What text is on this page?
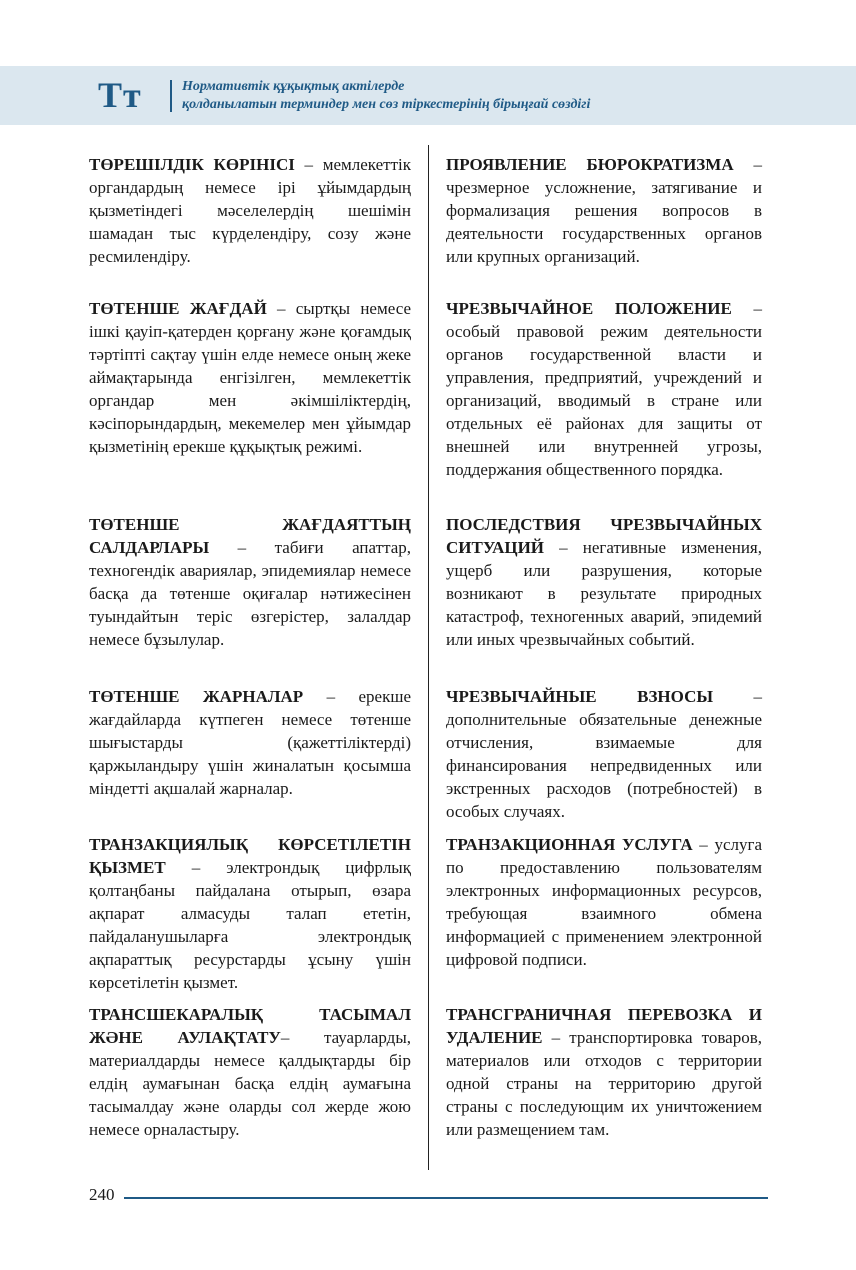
Тт	Нормативтік құқықтық актілерде
қолданылатын терминдер мен сөз тіркестерінің бірыңғай сөздігі

ТӨРЕШІЛДІК КӨРІНІСІ – мемлекеттік органдардың немесе ірі ұйымдардың қызметіндегі мәселелердің шешімін шамадан тыс күрделендіру, созу және ресмилендіру.

ПРОЯВЛЕНИЕ БЮРОКРАТИЗМА – чрезмерное усложнение, затягивание и формализация решения вопросов в деятельности государственных органов или крупных организаций.

ТӨТЕНШЕ ЖАҒДАЙ – сыртқы немесе ішкі қауіп-қатерден қорғану және қоғамдық тәртіпті сақтау үшін елде немесе оның жеке аймақтарында енгізілген, мемлекеттік органдар мен әкімшіліктердің, кәсіпорындардың, мекемелер мен ұйымдар қызметінің ерекше құқықтық режимі.

ЧРЕЗВЫЧАЙНОЕ ПОЛОЖЕНИЕ – особый правовой режим деятельности органов государственной власти и управления, предприятий, учреждений и организаций, вводимый в стране или отдельных её районах для защиты от внешней или внутренней угрозы, поддержания общественного порядка.

ТӨТЕНШЕ ЖАҒДАЯТТЫҢ САЛДАРЛАРЫ – табиғи апаттар, техногендік авариялар, эпидемиялар немесе басқа да төтенше оқиғалар нәтижесінен туындайтын теріс өзгерістер, залалдар немесе бұзылулар.

ПОСЛЕДСТВИЯ ЧРЕЗВЫЧАЙНЫХ СИТУАЦИЙ – негативные изменения, ущерб или разрушения, которые возникают в результате природных катастроф, техногенных аварий, эпидемий или иных чрезвычайных событий.

ТӨТЕНШЕ ЖАРНАЛАР – ерекше жағдайларда күтпеген немесе төтенше шығыстарды (қажеттіліктерді) қаржыландыру үшін жиналатын қосымша міндетті ақшалай жарналар.

ЧРЕЗВЫЧАЙНЫЕ ВЗНОСЫ – дополнительные обязательные денежные отчисления, взимаемые для финансирования непредвиденных или экстренных расходов (потребностей) в особых случаях.

ТРАНЗАКЦИЯЛЫҚ КӨРСЕТІЛЕТІН ҚЫЗМЕТ – электрондық цифрлық қолтаңбаны пайдалана отырып, өзара ақпарат алмасуды талап ететін, пайдаланушыларға электрондық ақпараттық ресурстарды ұсыну үшін көрсетілетін қызмет.

ТРАНЗАКЦИОННАЯ УСЛУГА – услуга по предоставлению пользователям электронных информационных ресурсов, требующая взаимного обмена информацией с применением электронной цифровой подписи.

ТРАНСШЕКАРАЛЫҚ ТАСЫМАЛ ЖӘНЕ АУЛАҚТАТУ– тауарларды, материалдарды немесе қалдықтарды бір елдің аумағынан басқа елдің аумағына тасымалдау және оларды сол жерде жою немесе орналастыру.

ТРАНСГРАНИЧНАЯ ПЕРЕВОЗКА И УДАЛЕНИЕ – транспортировка товаров, материалов или отходов с территории одной страны на территорию другой страны с последующим их уничтожением или размещением там.

240
